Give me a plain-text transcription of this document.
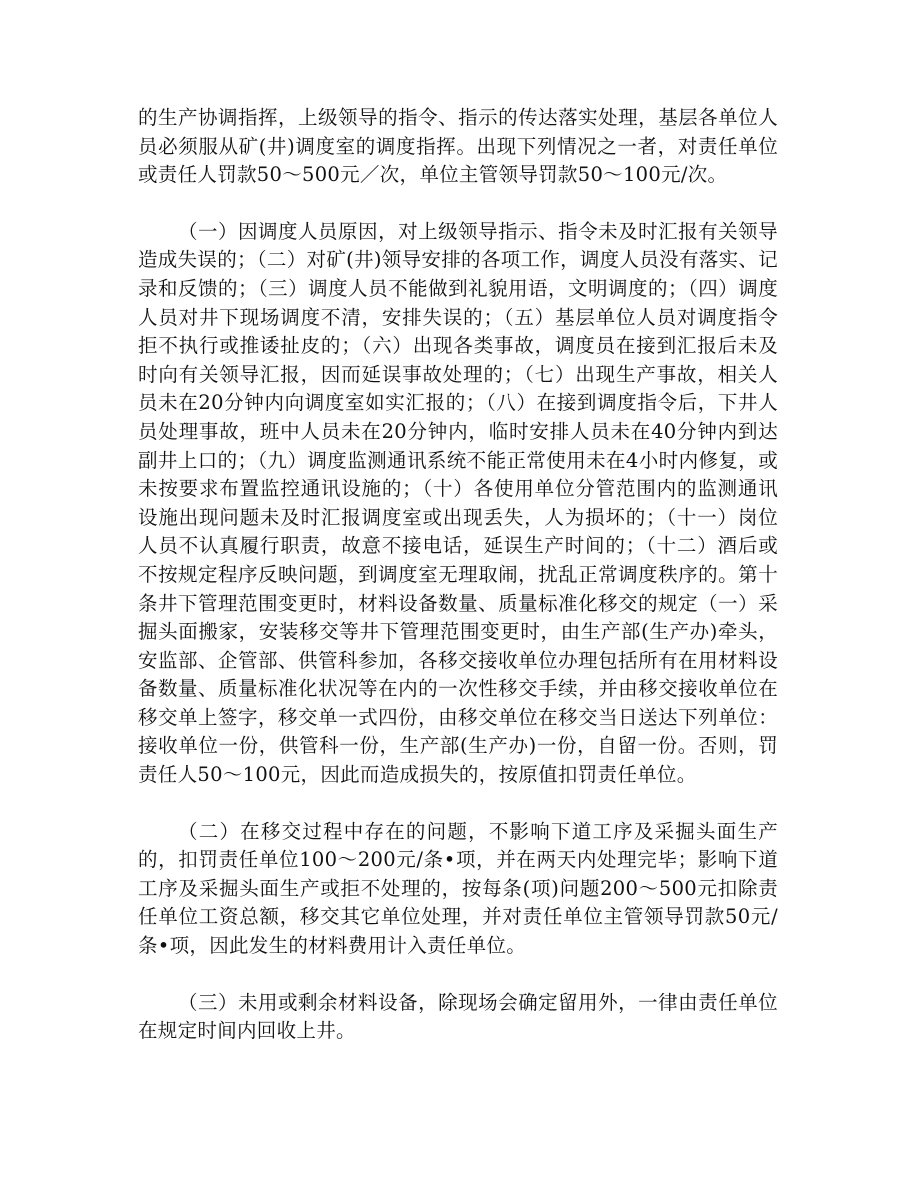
的生产协调指挥，上级领导的指令、指示的传达落实处理，基层各单位人员必须服从矿(井)调度室的调度指挥。出现下列情况之一者，对责任单位或责任人罚款50～500元／次，单位主管领导罚款50～100元/次。

（一）因调度人员原因，对上级领导指示、指令未及时汇报有关领导造成失误的；（二）对矿(井)领导安排的各项工作，调度人员没有落实、记录和反馈的；（三）调度人员不能做到礼貌用语，文明调度的；（四）调度人员对井下现场调度不清，安排失误的；（五）基层单位人员对调度指令拒不执行或推诿扯皮的；（六）出现各类事故，调度员在接到汇报后未及时向有关领导汇报，因而延误事故处理的；（七）出现生产事故，相关人员未在20分钟内向调度室如实汇报的；（八）在接到调度指令后，下井人员处理事故，班中人员未在20分钟内，临时安排人员未在40分钟内到达副井上口的；（九）调度监测通讯系统不能正常使用未在4小时内修复，或未按要求布置监控通讯设施的；（十）各使用单位分管范围内的监测通讯设施出现问题未及时汇报调度室或出现丢失，人为损坏的；（十一）岗位人员不认真履行职责，故意不接电话，延误生产时间的；（十二）酒后或不按规定程序反映问题，到调度室无理取闹，扰乱正常调度秩序的。第十条井下管理范围变更时，材料设备数量、质量标准化移交的规定（一）采掘头面搬家，安装移交等井下管理范围变更时，由生产部(生产办)牵头，安监部、企管部、供管科参加，各移交接收单位办理包括所有在用材料设备数量、质量标准化状况等在内的一次性移交手续，并由移交接收单位在移交单上签字，移交单一式四份，由移交单位在移交当日送达下列单位：接收单位一份，供管科一份，生产部(生产办)一份，自留一份。否则，罚责任人50～100元，因此而造成损失的，按原值扣罚责任单位。

（二）在移交过程中存在的问题，不影响下道工序及采掘头面生产的，扣罚责任单位100～200元/条•项，并在两天内处理完毕；影响下道工序及采掘头面生产或拒不处理的，按每条(项)问题200～500元扣除责任单位工资总额，移交其它单位处理，并对责任单位主管领导罚款50元/条•项，因此发生的材料费用计入责任单位。

（三）未用或剩余材料设备，除现场会确定留用外，一律由责任单位在规定时间内回收上井。
